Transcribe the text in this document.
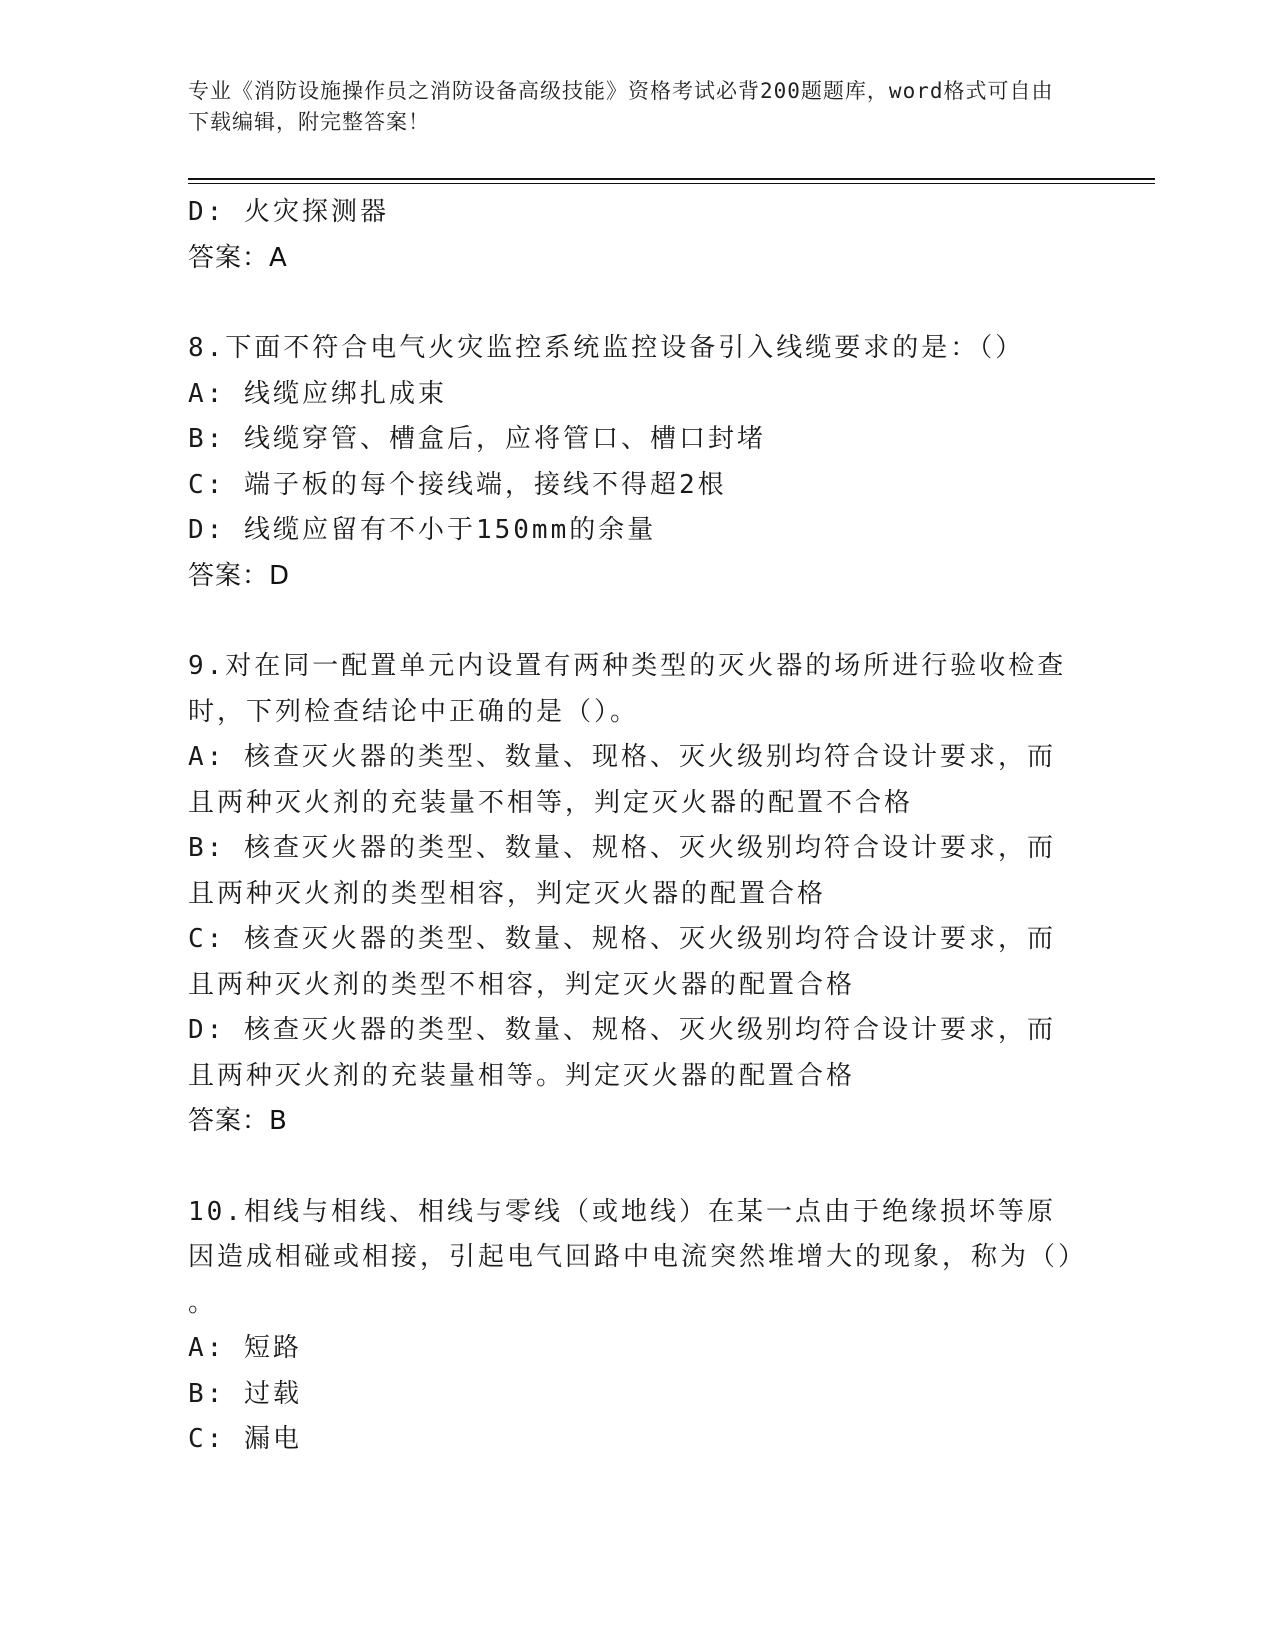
专业《消防设施操作员之消防设备高级技能》资格考试必背200题题库，word格式可自由下载编辑，附完整答案！
D: 火灾探测器
答案：A
8.下面不符合电气火灾监控系统监控设备引入线缆要求的是：（）
A: 线缆应绑扎成束
B: 线缆穿管、槽盒后，应将管口、槽口封堵
C: 端子板的每个接线端，接线不得超2根
D: 线缆应留有不小于150mm的余量
答案：D
9.对在同一配置单元内设置有两种类型的灭火器的场所进行验收检查时，下列检查结论中正确的是（）。
A: 核查灭火器的类型、数量、现格、灭火级别均符合设计要求，而且两种灭火剂的充装量不相等，判定灭火器的配置不合格
B: 核查灭火器的类型、数量、规格、灭火级别均符合设计要求，而且两种灭火剂的类型相容，判定灭火器的配置合格
C: 核查灭火器的类型、数量、规格、灭火级别均符合设计要求，而且两种灭火剂的类型不相容，判定灭火器的配置合格
D: 核查灭火器的类型、数量、规格、灭火级别均符合设计要求，而且两种灭火剂的充装量相等。判定灭火器的配置合格
答案：B
10.相线与相线、相线与零线（或地线）在某一点由于绝缘损坏等原因造成相碰或相接，引起电气回路中电流突然堆增大的现象，称为（）
。
A: 短路
B: 过载
C: 漏电
